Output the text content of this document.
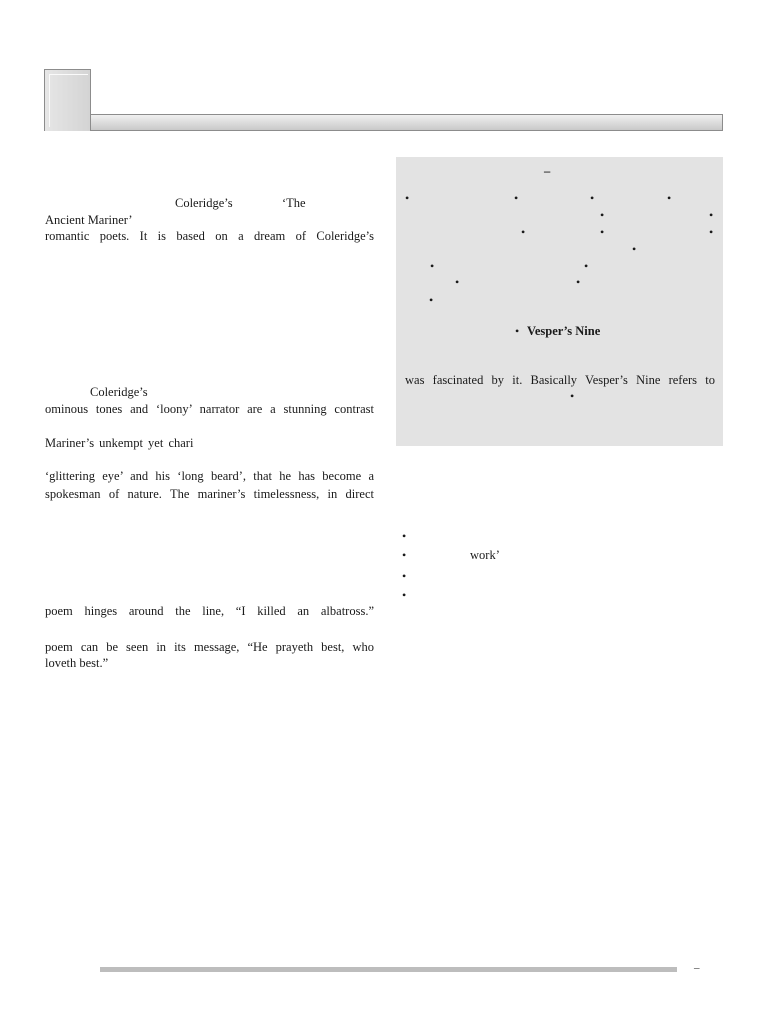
Coleridge’s	‘The
Ancient Mariner’
romantic poets. It is based on a dream of Coleridge’s
Coleridge’s
ominous tones and ‘loony’ narrator are a stunning contrast
Mariner’s unkempt yet chari
‘glittering eye’ and his ‘long beard’, that he has become a
spokesman of nature. The mariner’s timelessness, in direct
poem hinges around the line, “I killed an albatross.”
poem can be seen in its message, “He prayeth best, who
loveth best.”
–
•	•	•	•
•	•
•	•	•
•
•	•
•	•
•
• Vesper’s Nine
was fascinated by it. Basically Vesper’s Nine refers to
•
•
•	work’
•
•
–
